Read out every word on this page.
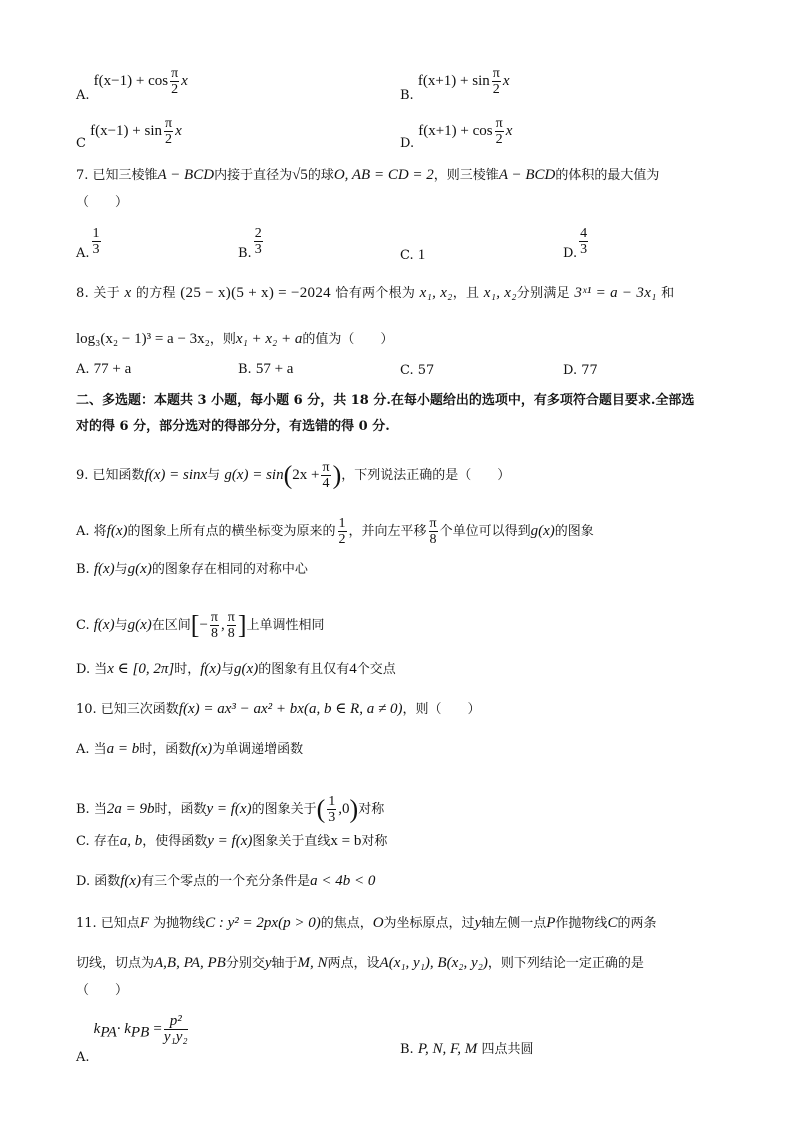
A. $f(x-1) + \cos \frac{\pi}{2}$ x
B. $f(x+1) + \sin \frac{\pi}{2}$ x
C $f(x-1) + \sin \frac{\pi}{2}$ x
D. $f(x+1) + \cos \frac{\pi}{2}$ x
7. 已知三棱锥A − BCD内接于直径为√5的球O, AB = CD = 2，则三棱锥A − BCD的体积的最大值为
（　　）
A. $\frac{1}{3}$	B. $\frac{2}{3}$	C. 1	D. $\frac{4}{3}$
8. 关于 x 的方程 (25 − x)(5 + x) = −2024 恰有两个根为 x₁, x₂，且 x₁, x₂分别满足 3ˣ¹ = a − 3x₁ 和
log₃(x₂ − 1)³ = a − 3x₂，则x₁ + x₂ + a的值为（　　）
A. 77 + a	B. 57 + a	C. 57	D. 77
二、多选题：本题共 3 小题，每小题 6 分，共 18 分.在每小题给出的选项中，有多项符合题目要求.全部选
对的得 6 分，部分选对的得部分分，有选错的得 0 分.
9. 已知函数f(x) = sinx与 $g(x) = \sin(2x + \frac{\pi}{4}$ )，下列说法正确的是（　　）
A. 将f(x)的图象上所有点的横坐标变为原来的 $\frac{1}{2}$ ，并向左平移 $\frac{\pi}{8}$ 个单位可以得到g(x)的图象
B. f(x)与g(x)的图象存在相同的对称中心
C. f(x)与g(x)在区间[− $\frac{\pi}{8}$ , $\frac{\pi}{8}$ ]上单调性相同
D. 当x ∈ [0, 2π]时，f(x)与g(x)的图象有且仅有4个交点
10. 已知三次函数f(x) = ax³ − ax² + bx(a, b ∈ R, a ≠ 0)，则（　　）
A. 当a = b时，函数f(x)为单调递增函数
B. 当2a = 9b时，函数y = f(x)的图象关于( $\frac{1}{3} ,0$)对称
C. 存在a, b，使得函数y = f(x)图象关于直线x = b对称
D. 函数f(x)有三个零点的一个充分条件是a < 4b < 0
11. 已知点F 为抛物线C : y² = 2px(p > 0)的焦点，O为坐标原点，过y轴左侧一点P作抛物线C的两条
切线，切点为A,B, PA, PB分别交y轴于M, N两点，设A(x₁, y₁), B(x₂, y₂)，则下列结论一定正确的是
（　　）
A. $k_{PA}\cdot k_{PB} = \frac{\text{p²}}{\text{y₁y₂}}$
B. P, N, F, M 四点共圆
